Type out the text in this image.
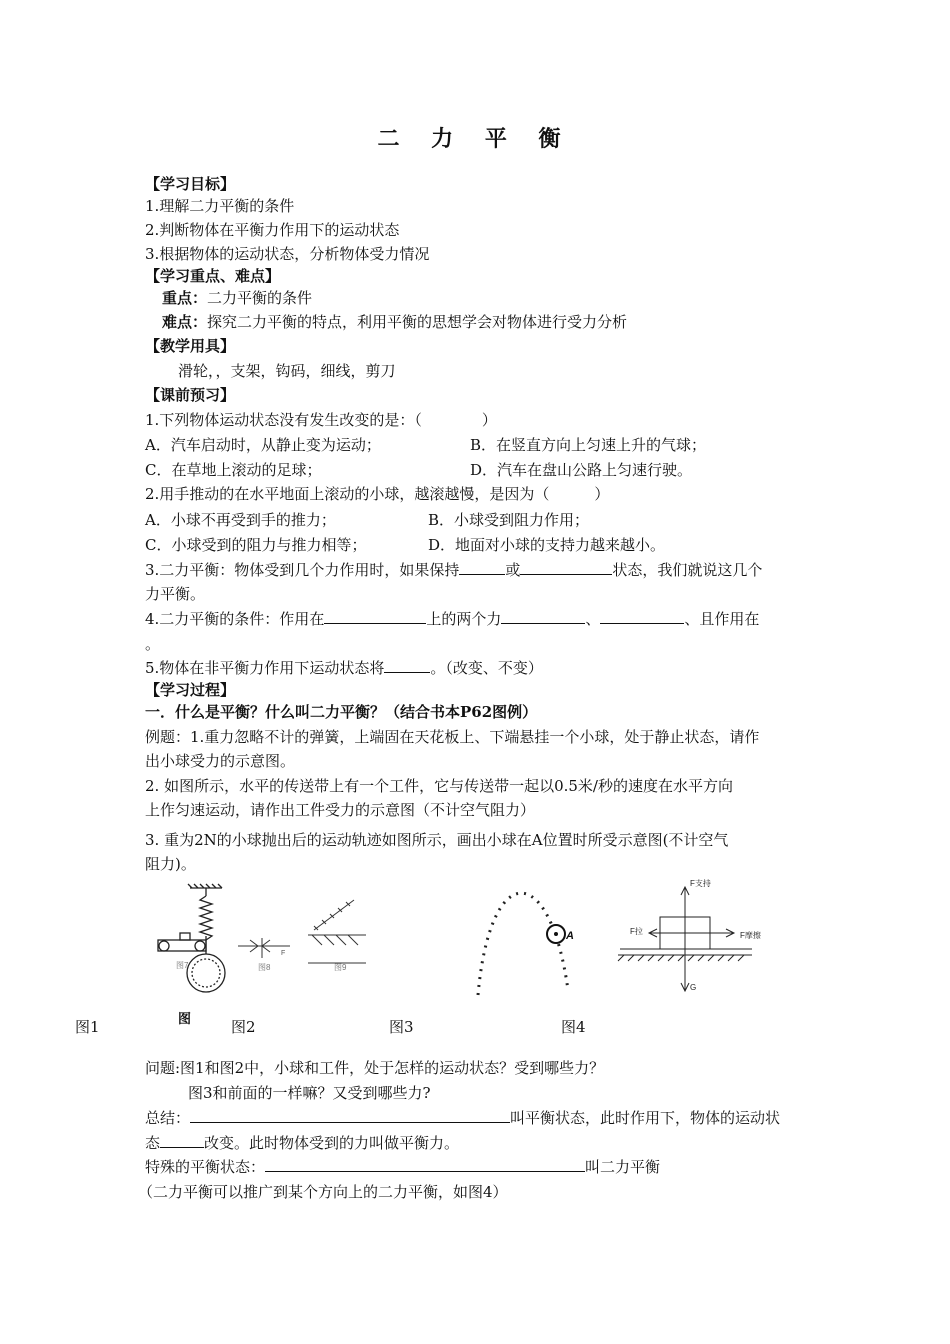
二 力 平 衡
【学习目标】
1.理解二力平衡的条件
2.判断物体在平衡力作用下的运动状态
3.根据物体的运动状态，分析物体受力情况
【学习重点、难点】
重点：二力平衡的条件
难点：探究二力平衡的特点，利用平衡的思想学会对物体进行受力分析
【教学用具】
滑轮，，支架，钩码，细线，剪刀
【课前预习】
1.下列物体运动状态没有发生改变的是：（　　　　）
A．汽车启动时，从静止变为运动；	B．在竖直方向上匀速上升的气球；
C．在草地上滚动的足球；	D．汽车在盘山公路上匀速行驶。
2.用手推动的在水平地面上滚动的小球，越滚越慢，是因为（　　　）
A．小球不再受到手的推力；	B．小球受到阻力作用；
C．小球受到的阻力与推力相等；	D．地面对小球的支持力越来越小。
3.二力平衡：物体受到几个力作用时，如果保持	或	状态，我们就说这几个
力平衡。
4.二力平衡的条件：作用在	上的两个力	、	、且作用在
。
5.物体在非平衡力作用下运动状态将	。（改变、不变）
【学习过程】
一．什么是平衡？什么叫二力平衡？（结合书本P62图例）
例题：1.重力忽略不计的弹簧，上端固在天花板上、下端悬挂一个小球，处于静止状态，请作
出小球受力的示意图。
2. 如图所示，水平的传送带上有一个工件，它与传送带一起以0.5米/秒的速度在水平方向
上作匀速运动，请作出工件受力的示意图（不计空气阻力）
3. 重为2N的小球抛出后的运动轨迹如图所示，画出小球在A位置时所受示意图(不计空气
阻力)。
图7
F
图8	图9
A
F支持
F拉	F摩擦
G
图1	图	图2	图3	图4
问题:图1和图2中，小球和工件，处于怎样的运动状态？受到哪些力？
图3和前面的一样嘛？又受到哪些力?
总结：	叫平衡状态，此时作用下，物体的运动状
态	改变。此时物体受到的力叫做平衡力。
特殊的平衡状态：	叫二力平衡
（二力平衡可以推广到某个方向上的二力平衡，如图4）
